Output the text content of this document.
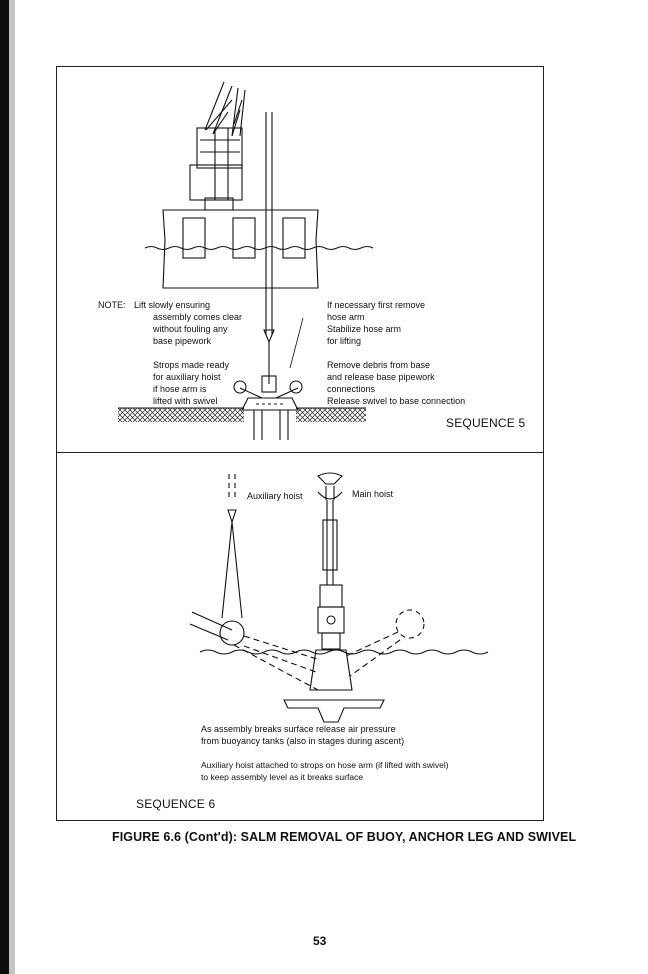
NOTE: Lift slowly ensuring
assembly comes clear
without fouling any
base pipework
Strops made ready
for auxiliary hoist
if hose arm is
lifted with swivel
If necessary first remove
hose arm
Stabilize hose arm
for lifting
Remove debris from base
and release base pipework
connections
Release swivel to base connection
SEQUENCE 5
Auxiliary hoist	Main hoist
As assembly breaks surface release air pressure
from buoyancy tanks (also in stages during ascent)
Auxiliary hoist attached to strops on hose arm (if lifted with swivel)
to keep assembly level as it breaks surface
SEQUENCE 6
FIGURE 6.6 (Cont'd): SALM REMOVAL OF BUOY, ANCHOR LEG AND SWIVEL
53
